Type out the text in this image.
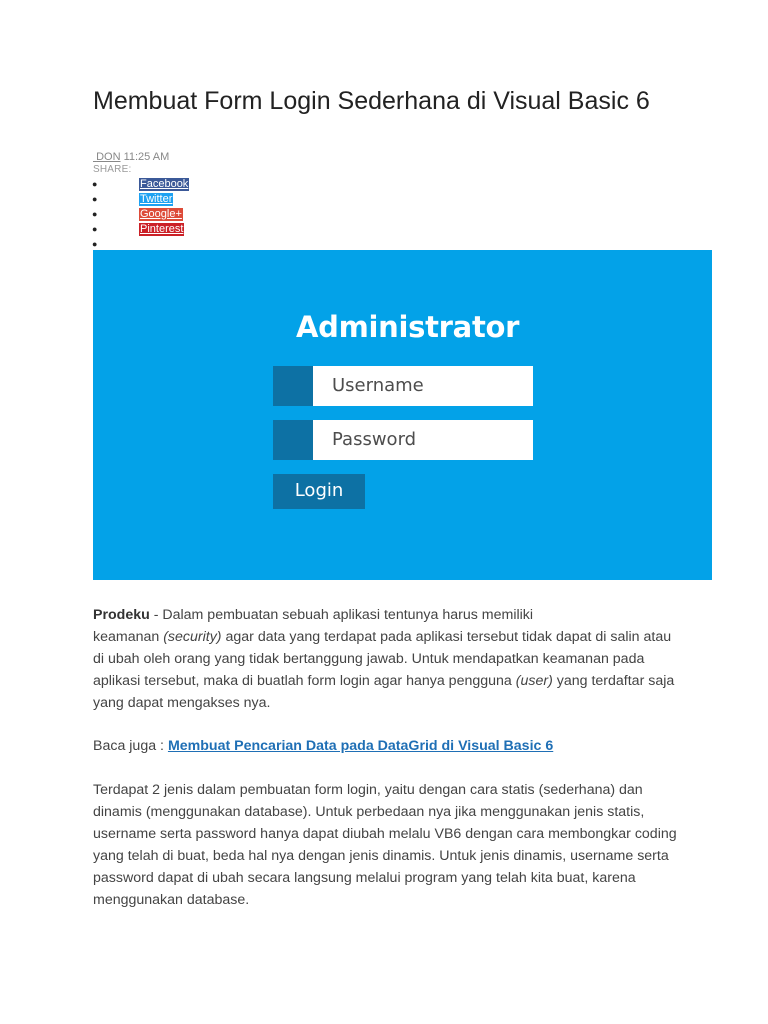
Membuat Form Login Sederhana di Visual Basic 6
DON 11:25 AM
SHARE:
●	Facebook
●	Twitter
●	Google+
●	Pinterest
●
Administrator
Username
Password
Login

Prodeku - Dalam pembuatan sebuah aplikasi tentunya harus memiliki
keamanan (security) agar data yang terdapat pada aplikasi tersebut tidak dapat di salin atau di ubah oleh orang yang tidak bertanggung jawab. Untuk mendapatkan keamanan pada aplikasi tersebut, maka di buatlah form login agar hanya pengguna (user) yang terdaftar saja yang dapat mengakses nya.

Baca juga : Membuat Pencarian Data pada DataGrid di Visual Basic 6

Terdapat 2 jenis dalam pembuatan form login, yaitu dengan cara statis (sederhana) dan dinamis (menggunakan database). Untuk perbedaan nya jika menggunakan jenis statis, username serta password hanya dapat diubah melalu VB6 dengan cara membongkar coding yang telah di buat, beda hal nya dengan jenis dinamis. Untuk jenis dinamis, username serta password dapat di ubah secara langsung melalui program yang telah kita buat, karena menggunakan database.
